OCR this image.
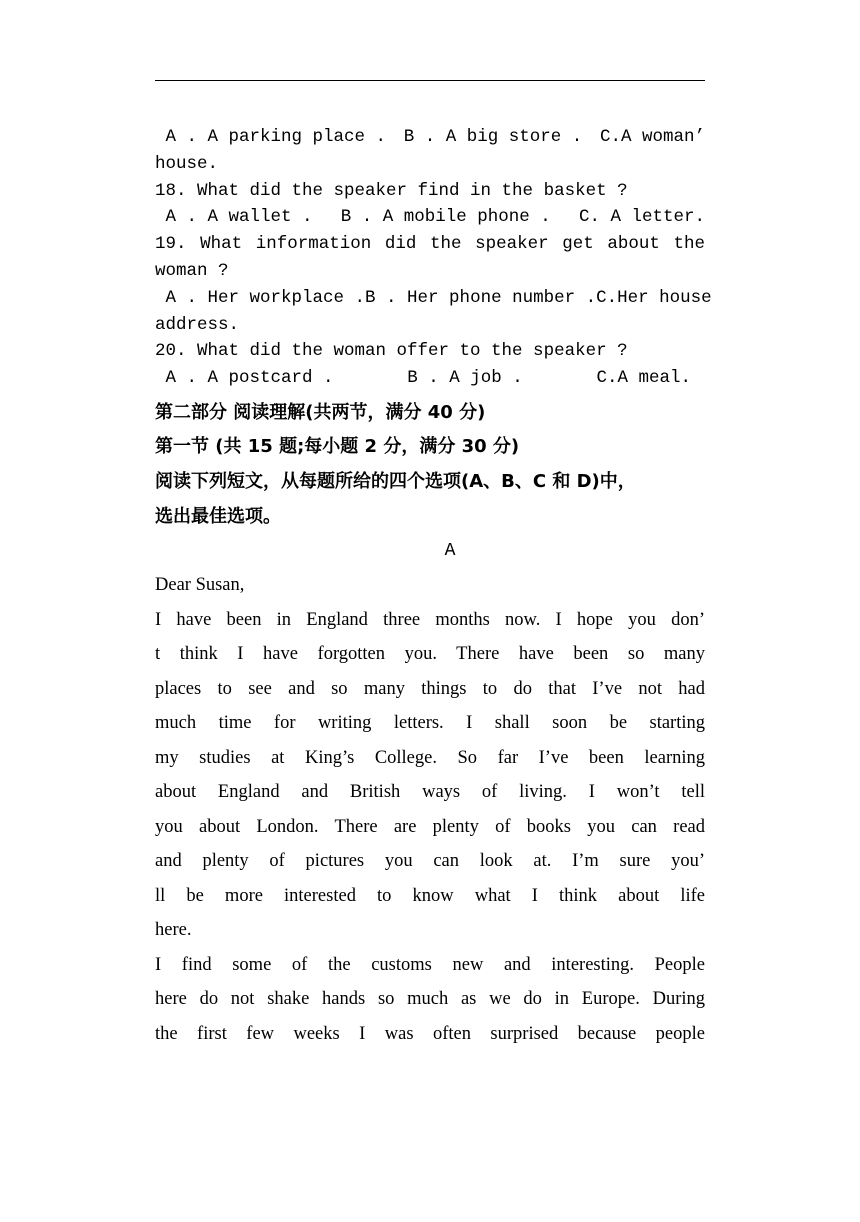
A . A parking place . B . A big store . C.A woman’
house.
18. What did the speaker find in the basket ?
A . A wallet . B . A mobile phone . C. A letter.
19. What information did the speaker get about the
woman ?
A . Her workplace . B . Her phone number . C.Her house
address.
20. What did the woman offer to the speaker ?
A . A postcard .	B . A job .	C.A meal.
第二部分 阅读理解(共两节，满分 40 分)
第一节 (共 15 题;每小题 2 分，满分 30 分)
阅读下列短文，从每题所给的四个选项(A、B、C 和 D)中，
选出最佳选项。
A
Dear Susan,
I have been in England three months now. I hope you don’
t think I have forgotten you. There have been so many
places to see and so many things to do that I’ve not had
much time for writing letters. I shall soon be starting
my studies at King’s College. So far I’ve been learning
about England and British ways of living. I won’t tell
you about London. There are plenty of books you can read
and plenty of pictures you can look at. I’m sure you’
ll be more interested to know what I think about life
here.
I find some of the customs new and interesting. People
here do not shake hands so much as we do in Europe. During
the first few weeks I was often surprised because people
